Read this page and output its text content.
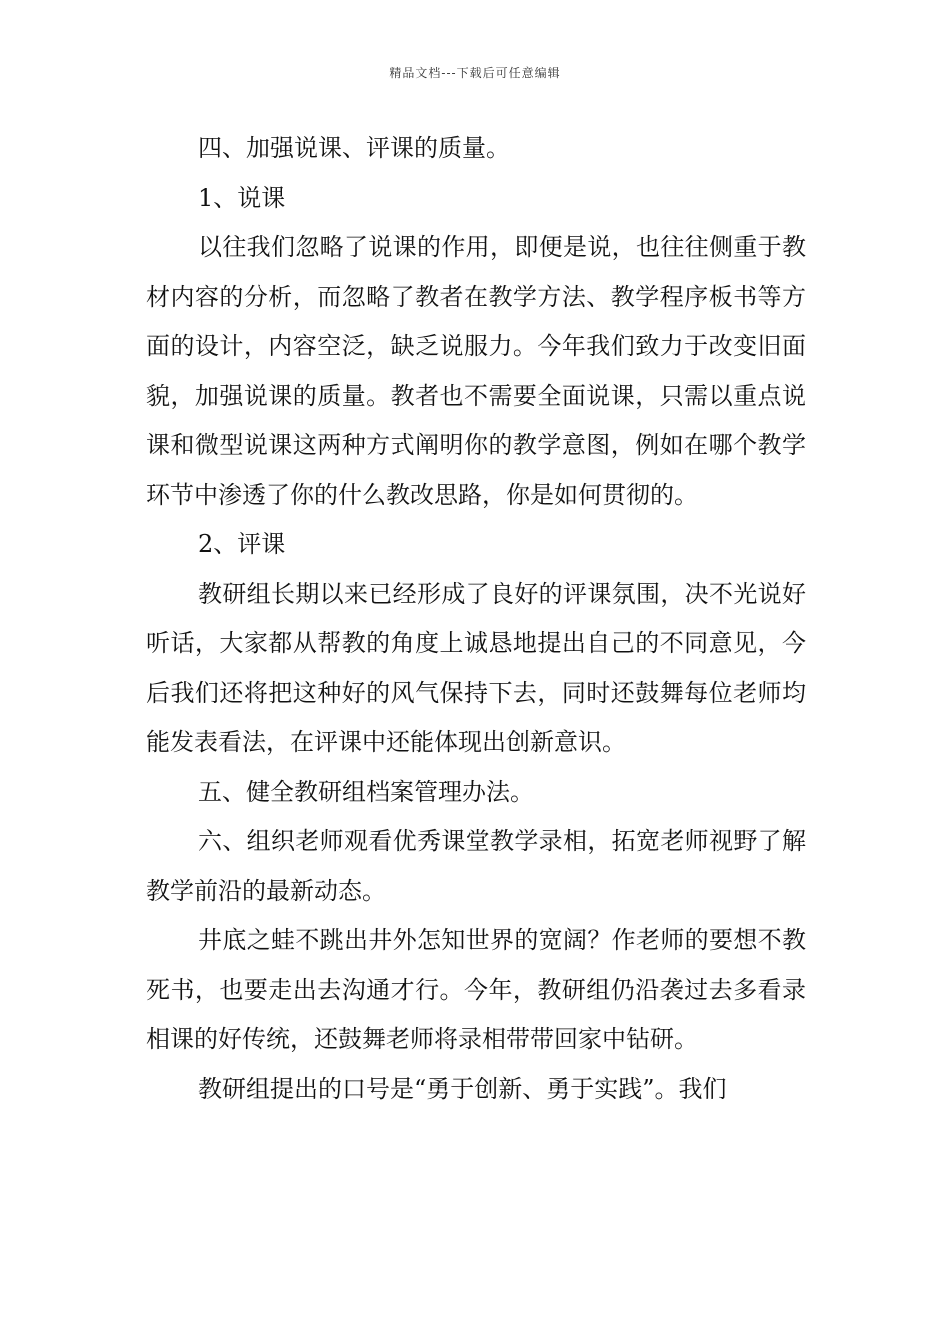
精品文档---下载后可任意编辑

四、加强说课、评课的质量。

1、说课

以往我们忽略了说课的作用，即便是说，也往往侧重于教材内容的分析，而忽略了教者在教学方法、教学程序板书等方面的设计，内容空泛，缺乏说服力。今年我们致力于改变旧面貌，加强说课的质量。教者也不需要全面说课，只需以重点说课和微型说课这两种方式阐明你的教学意图，例如在哪个教学环节中渗透了你的什么教改思路，你是如何贯彻的。

2、评课

教研组长期以来已经形成了良好的评课氛围，决不光说好听话，大家都从帮教的角度上诚恳地提出自己的不同意见，今后我们还将把这种好的风气保持下去，同时还鼓舞每位老师均能发表看法，在评课中还能体现出创新意识。

五、健全教研组档案管理办法。

六、组织老师观看优秀课堂教学录相，拓宽老师视野了解教学前沿的最新动态。

井底之蛙不跳出井外怎知世界的宽阔？作老师的要想不教死书，也要走出去沟通才行。今年，教研组仍沿袭过去多看录相课的好传统，还鼓舞老师将录相带带回家中钻研。

教研组提出的口号是“勇于创新、勇于实践”。我们
